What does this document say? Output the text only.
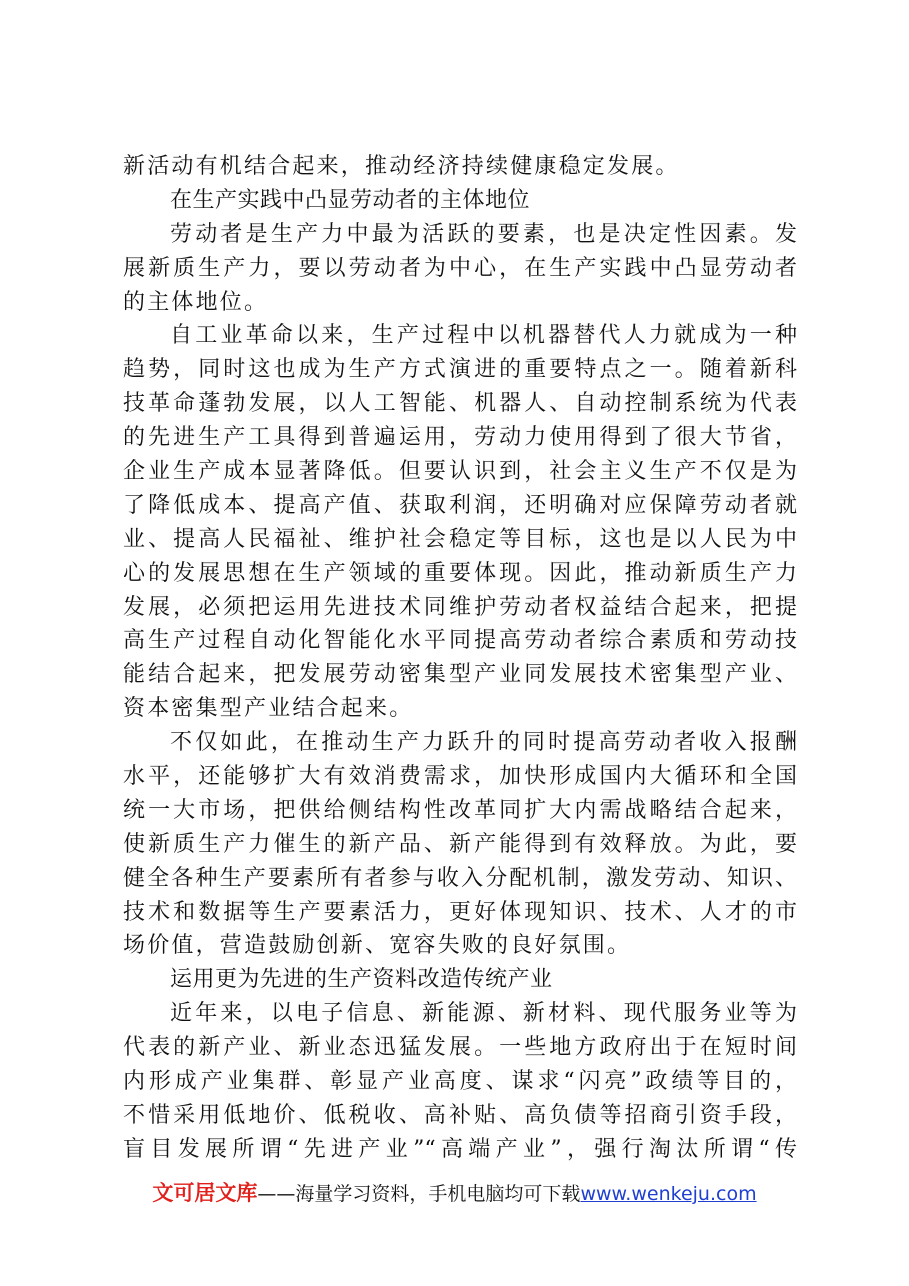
新活动有机结合起来，推动经济持续健康稳定发展。
在生产实践中凸显劳动者的主体地位
劳动者是生产力中最为活跃的要素，也是决定性因素。发
展新质生产力，要以劳动者为中心，在生产实践中凸显劳动者
的主体地位。
自工业革命以来，生产过程中以机器替代人力就成为一种
趋势，同时这也成为生产方式演进的重要特点之一。随着新科
技革命蓬勃发展，以人工智能、机器人、自动控制系统为代表
的先进生产工具得到普遍运用，劳动力使用得到了很大节省，
企业生产成本显著降低。但要认识到，社会主义生产不仅是为
了降低成本、提高产值、获取利润，还明确对应保障劳动者就
业、提高人民福祉、维护社会稳定等目标，这也是以人民为中
心的发展思想在生产领域的重要体现。因此，推动新质生产力
发展，必须把运用先进技术同维护劳动者权益结合起来，把提
高生产过程自动化智能化水平同提高劳动者综合素质和劳动技
能结合起来，把发展劳动密集型产业同发展技术密集型产业、
资本密集型产业结合起来。
不仅如此，在推动生产力跃升的同时提高劳动者收入报酬
水平，还能够扩大有效消费需求，加快形成国内大循环和全国
统一大市场，把供给侧结构性改革同扩大内需战略结合起来，
使新质生产力催生的新产品、新产能得到有效释放。为此，要
健全各种生产要素所有者参与收入分配机制，激发劳动、知识、
技术和数据等生产要素活力，更好体现知识、技术、人才的市
场价值，营造鼓励创新、宽容失败的良好氛围。
运用更为先进的生产资料改造传统产业
近年来，以电子信息、新能源、新材料、现代服务业等为
代表的新产业、新业态迅猛发展。一些地方政府出于在短时间
内形成产业集群、彰显产业高度、谋求“闪亮”政绩等目的，
不惜采用低地价、低税收、高补贴、高负债等招商引资手段，
盲目发展所谓“先进产业”“高端产业”，强行淘汰所谓“传
文可居文库——海量学习资料，手机电脑均可下载www.wenkeju.com
